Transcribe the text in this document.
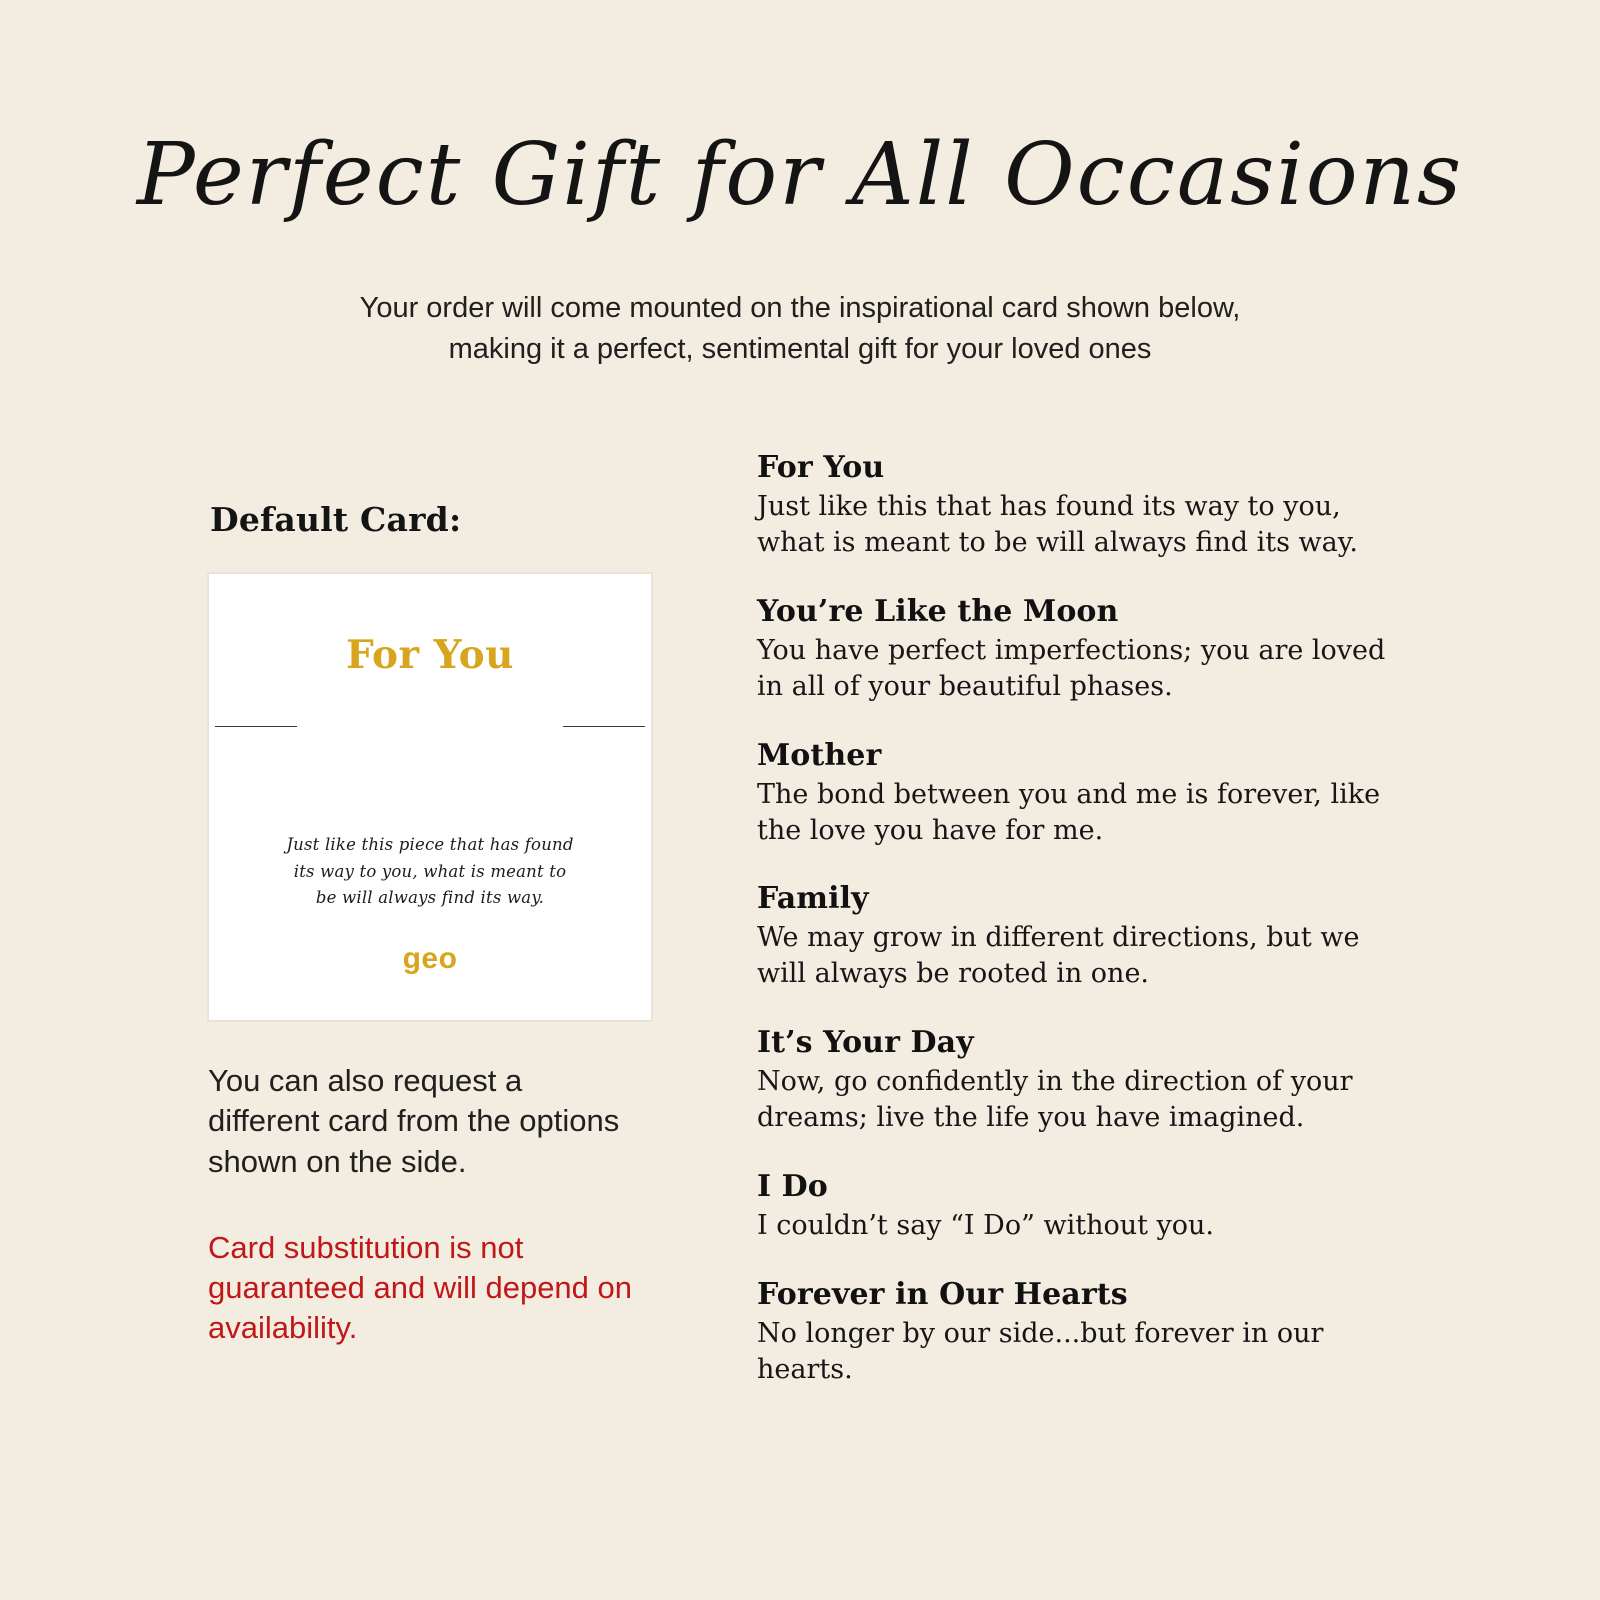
Perfect Gift for All Occasions
Your order will come mounted on the inspirational card shown below,
making it a perfect, sentimental gift for your loved ones
Default Card:
For You
Just like this piece that has found
its way to you, what is meant to
be will always find its way.
geo
You can also request a different card from the options shown on the side.
Card substitution is not guaranteed and will depend on availability.
For You
Just like this that has found its way to you, what is meant to be will always find its way.
You’re Like the Moon
You have perfect imperfections; you are loved in all of your beautiful phases.
Mother
The bond between you and me is forever, like the love you have for me.
Family
We may grow in different directions, but we will always be rooted in one.
It’s Your Day
Now, go confidently in the direction of your dreams; live the life you have imagined.
I Do
I couldn’t say “I Do” without you.
Forever in Our Hearts
No longer by our side...but forever in our hearts.
